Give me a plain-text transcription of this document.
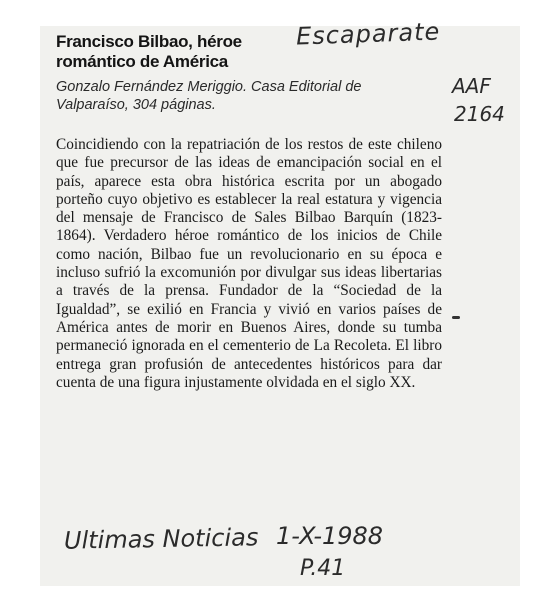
Escaparate
AAF
2164
Francisco Bilbao, héroe romántico de América
Gonzalo Fernández Meriggio. Casa Editorial de Valparaíso, 304 páginas.
Coincidiendo con la repatriación de los restos de este chileno que fue precursor de las ideas de emancipación social en el país, aparece esta obra histórica escrita por un abogado porteño cuyo objetivo es establecer la real estatura y vigencia del mensaje de Francisco de Sales Bilbao Barquín (1823-1864). Verdadero héroe romántico de los inicios de Chile como nación, Bilbao fue un revolucionario en su época e incluso sufrió la excomunión por divulgar sus ideas libertarias a través de la prensa. Fundador de la “Sociedad de la Igualdad”, se exilió en Francia y vivió en varios países de América antes de morir en Buenos Aires, donde su tumba permaneció ignorada en el cementerio de La Recoleta. El libro entrega gran profusión de antecedentes históricos para dar cuenta de una figura injustamente olvidada en el siglo XX.
Ultimas Noticias 1-X-1988
P.41
